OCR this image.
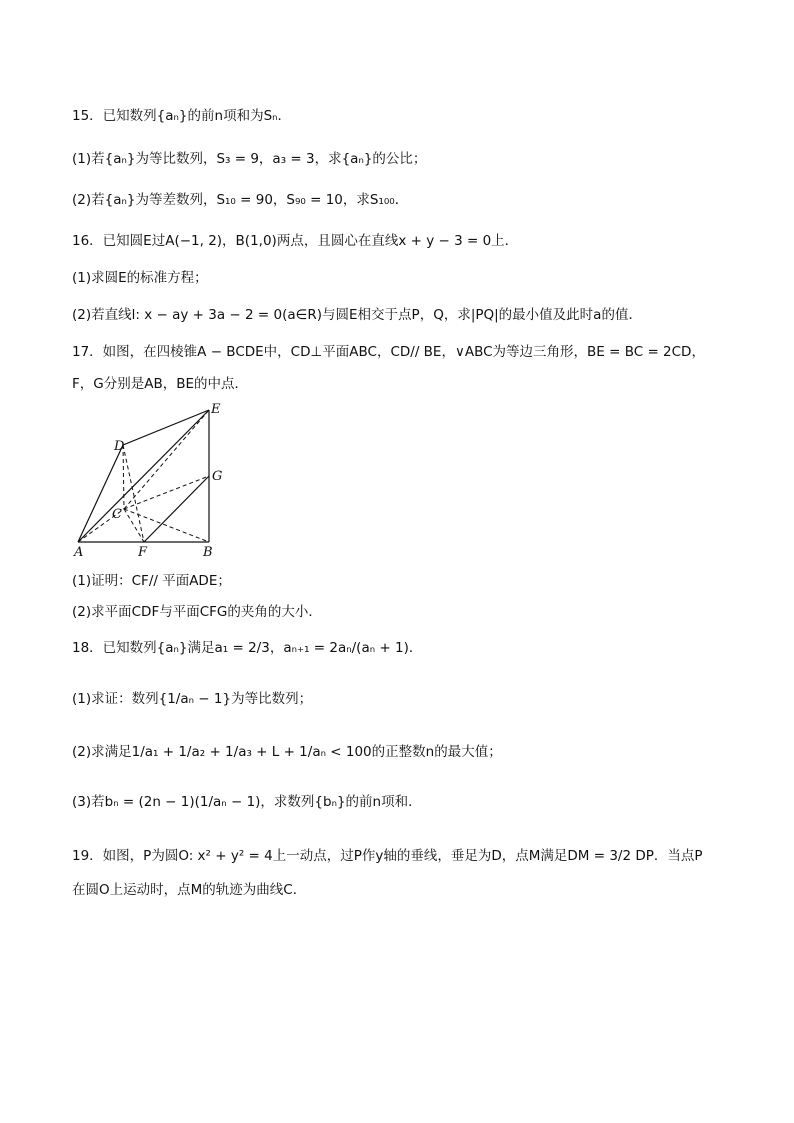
15．已知数列{aₙ}的前n项和为Sₙ．
(1)若{aₙ}为等比数列，S₃ = 9，a₃ = 3，求{aₙ}的公比；
(2)若{aₙ}为等差数列，S₁₀ = 90，S₉₀ = 10，求S₁₀₀．
16．已知圆E过A(−1, 2)，B(1,0)两点，且圆心在直线x + y − 3 = 0上．
(1)求圆E的标准方程；
(2)若直线l: x − ay + 3a − 2 = 0(a∈R)与圆E相交于点P，Q，求|PQ|的最小值及此时a的值．
17．如图，在四棱锥A − BCDE中，CD⊥平面ABC，CD// BE，∨ABC为等边三角形，BE = BC = 2CD，
F，G分别是AB，BE的中点．
E
D
G
C
A	F	B
(1)证明：CF// 平面ADE；
(2)求平面CDF与平面CFG的夹角的大小．
18．已知数列{aₙ}满足a₁ = 2/3，aₙ₊₁ = 2aₙ/(aₙ + 1)．
(1)求证：数列{1/aₙ − 1}为等比数列；
(2)求满足1/a₁ + 1/a₂ + 1/a₃ + L + 1/aₙ < 100的正整数n的最大值；
(3)若bₙ = (2n − 1)(1/aₙ − 1)，求数列{bₙ}的前n项和．
19．如图，P为圆O: x² + y² = 4上一动点，过P作y轴的垂线，垂足为D，点M满足DM = 3/2 DP．当点P
在圆O上运动时，点M的轨迹为曲线C．
